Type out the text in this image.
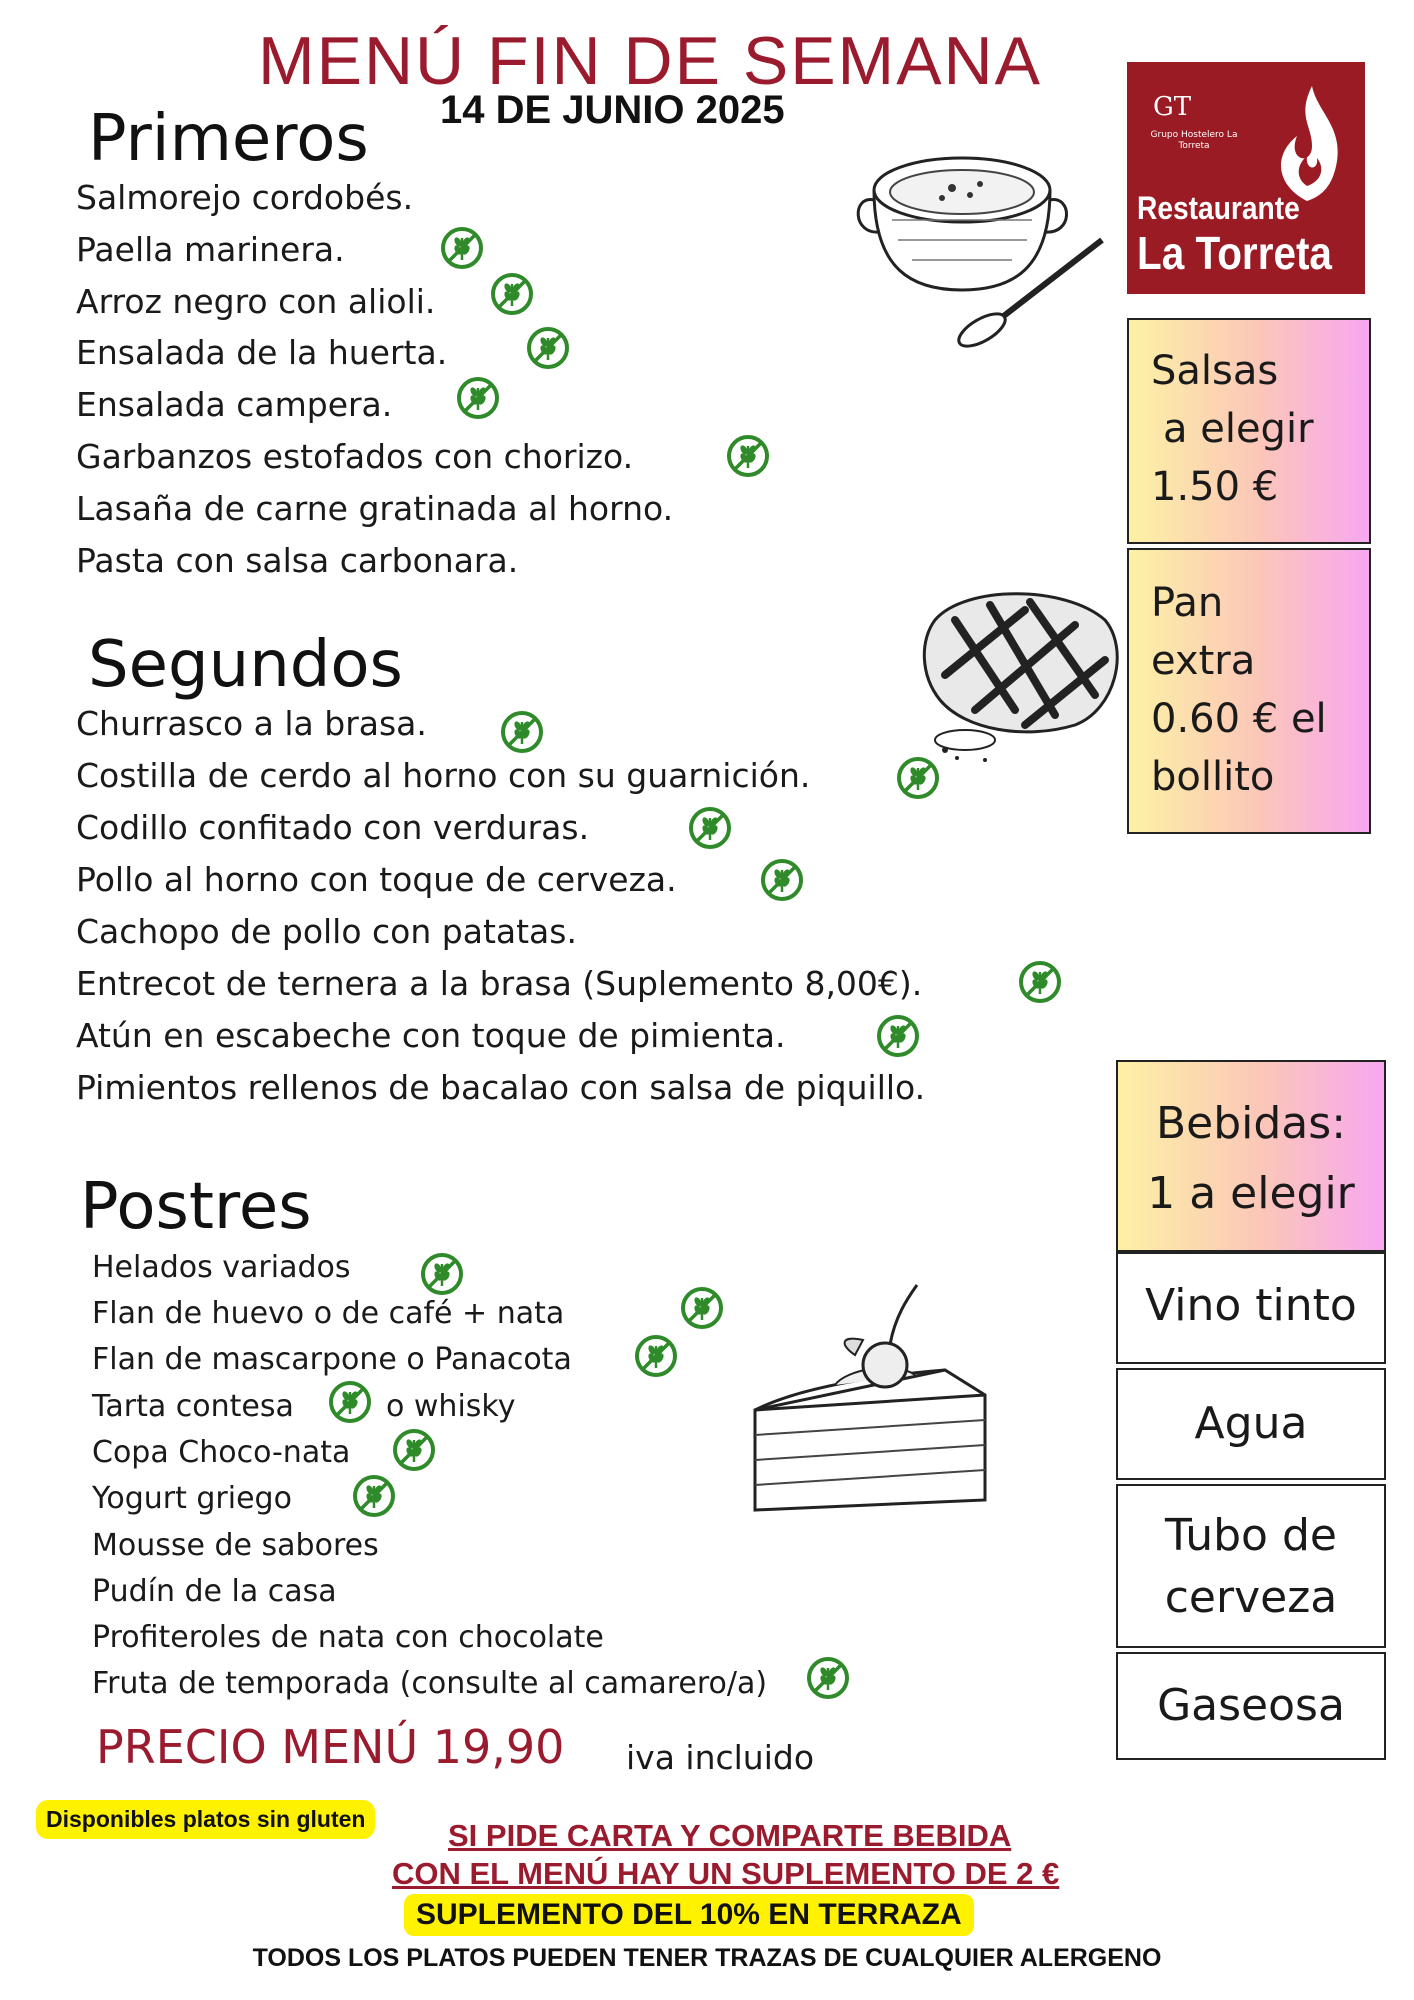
MENÚ FIN DE SEMANA
14 DE JUNIO 2025	GT
Grupo Hostelero La Torreta
Restaurante
La Torreta
Primeros
Salmorejo cordobés.
Paella marinera.
Arroz negro con alioli.
Ensalada de la huerta.
Ensalada campera.
Garbanzos estofados con chorizo.
Lasaña de carne gratinada al horno.
Pasta con salsa carbonara.
Salsas
a elegir
1.50 €
Pan
extra
0.60 € el
bollito
Segundos
Churrasco a la brasa.
Costilla de cerdo al horno con su guarnición.
Codillo confitado con verduras.
Pollo al horno con toque de cerveza.
Cachopo de pollo con patatas.
Entrecot de ternera a la brasa (Suplemento 8,00€).
Atún en escabeche con toque de pimienta.
Pimientos rellenos de bacalao con salsa de piquillo.
Bebidas:
1 a elegir
Vino tinto
Agua
Tubo de
cerveza
Gaseosa
Postres
Helados variados
Flan de huevo o de café + nata
Flan de mascarpone o Panacota
Tarta contesa	o whisky
Copa Choco-nata
Yogurt griego
Mousse de sabores
Pudín de la casa
Profiteroles de nata con chocolate
Fruta de temporada (consulte al camarero/a)
PRECIO MENÚ 19,90 iva incluido
Disponibles platos sin gluten	SI PIDE CARTA Y COMPARTE BEBIDA
CON EL MENÚ HAY UN SUPLEMENTO DE 2 €
SUPLEMENTO DEL 10% EN TERRAZA
TODOS LOS PLATOS PUEDEN TENER TRAZAS DE CUALQUIER ALERGENO
